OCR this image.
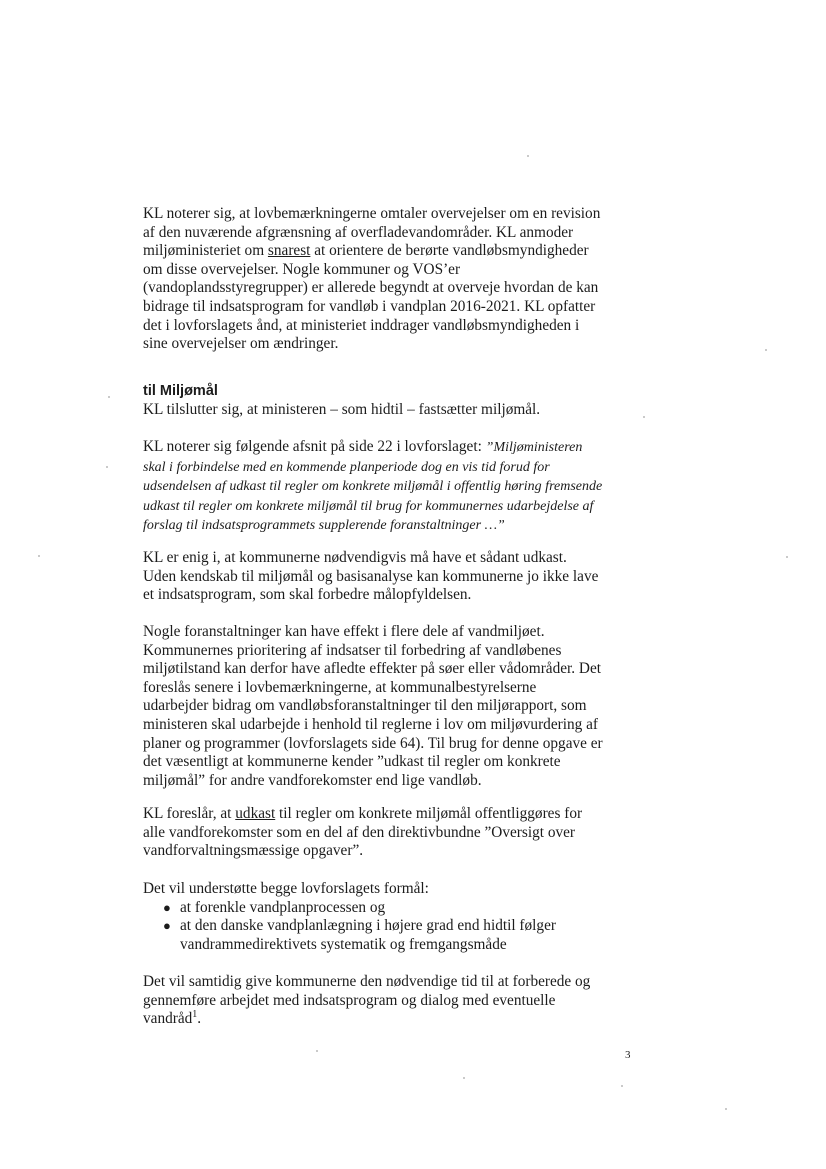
KL noterer sig, at lovbemærkningerne omtaler overvejelser om en revision af den nuværende afgrænsning af overfladevandområder. KL anmoder miljøministeriet om snarest at orientere de berørte vandløbsmyndigheder om disse overvejelser. Nogle kommuner og VOS’er (vandoplandsstyregrupper) er allerede begyndt at overveje hvordan de kan bidrage til indsatsprogram for vandløb i vandplan 2016-2021. KL opfatter det i lovforslagets ånd, at ministeriet inddrager vandløbsmyndigheden i sine overvejelser om ændringer.

til Miljømål

KL tilslutter sig, at ministeren – som hidtil – fastsætter miljømål.

KL noterer sig følgende afsnit på side 22 i lovforslaget: ”Miljøministeren skal i forbindelse med en kommende planperiode dog en vis tid forud for udsendelsen af udkast til regler om konkrete miljømål i offentlig høring fremsende udkast til regler om konkrete miljømål til brug for kommunernes udarbejdelse af forslag til indsatsprogrammets supplerende foranstaltninger …”

KL er enig i, at kommunerne nødvendigvis må have et sådant udkast. Uden kendskab til miljømål og basisanalyse kan kommunerne jo ikke lave et indsatsprogram, som skal forbedre målopfyldelsen.

Nogle foranstaltninger kan have effekt i flere dele af vandmiljøet. Kommunernes prioritering af indsatser til forbedring af vandløbenes miljøtilstand kan derfor have afledte effekter på søer eller vådområder. Det foreslås senere i lovbemærkningerne, at kommunalbestyrelserne udarbejder bidrag om vandløbsforanstaltninger til den miljørapport, som ministeren skal udarbejde i henhold til reglerne i lov om miljøvurdering af planer og programmer (lovforslagets side 64). Til brug for denne opgave er det væsentligt at kommunerne kender ”udkast til regler om konkrete miljømål” for andre vandforekomster end lige vandløb.

KL foreslår, at udkast til regler om konkrete miljømål offentliggøres for alle vandforekomster som en del af den direktivbundne ”Oversigt over vandforvaltningsmæssige opgaver”.

Det vil understøtte begge lovforslagets formål:

● at forenkle vandplanprocessen og
● at den danske vandplanlægning i højere grad end hidtil følger vandrammedirektivets systematik og fremgangsmåde

Det vil samtidig give kommunerne den nødvendige tid til at forberede og gennemføre arbejdet med indsatsprogram og dialog med eventuelle vandråd$^1$.

3
